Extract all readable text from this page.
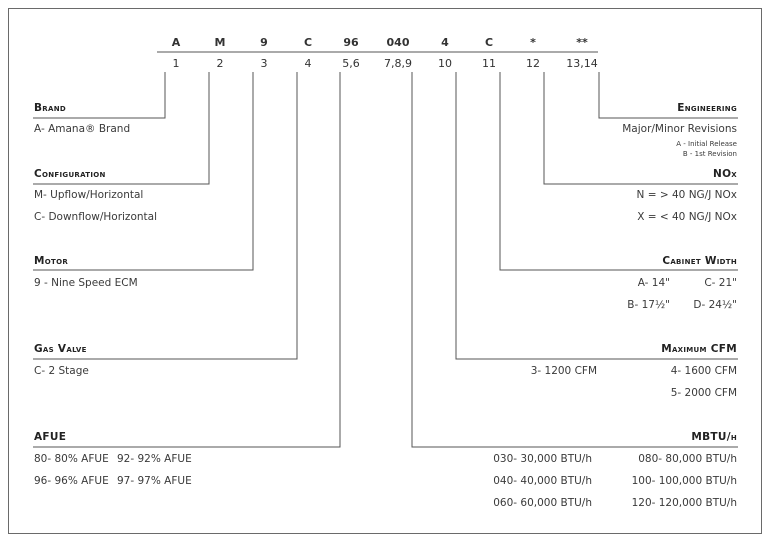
A	M	9	C	96	040	4	C	*	**
1	2	3	4	5,6	7,8,9	10	11	12	13,14
Brand
A- Amana® Brand
Configuration
M- Upflow/Horizontal
C- Downflow/Horizontal
Motor
9 - Nine Speed ECM
Gas Valve
C- 2 Stage
AFUE
80- 80% AFUE 92- 92% AFUE
96- 96% AFUE 97- 97% AFUE
Engineering
Major/Minor Revisions
A - Initial Release
B - 1st Revision
NOx
N = > 40 NG/J NOx
X = < 40 NG/J NOx
Cabinet Width
A- 14"	C- 21"
B- 17½" D- 24½"
Maximum CFM
3- 1200 CFM	4- 1600 CFM
5- 2000 CFM
MBTU/h
030- 30,000 BTU/h	080- 80,000 BTU/h
040- 40,000 BTU/h	100- 100,000 BTU/h
060- 60,000 BTU/h	120- 120,000 BTU/h
